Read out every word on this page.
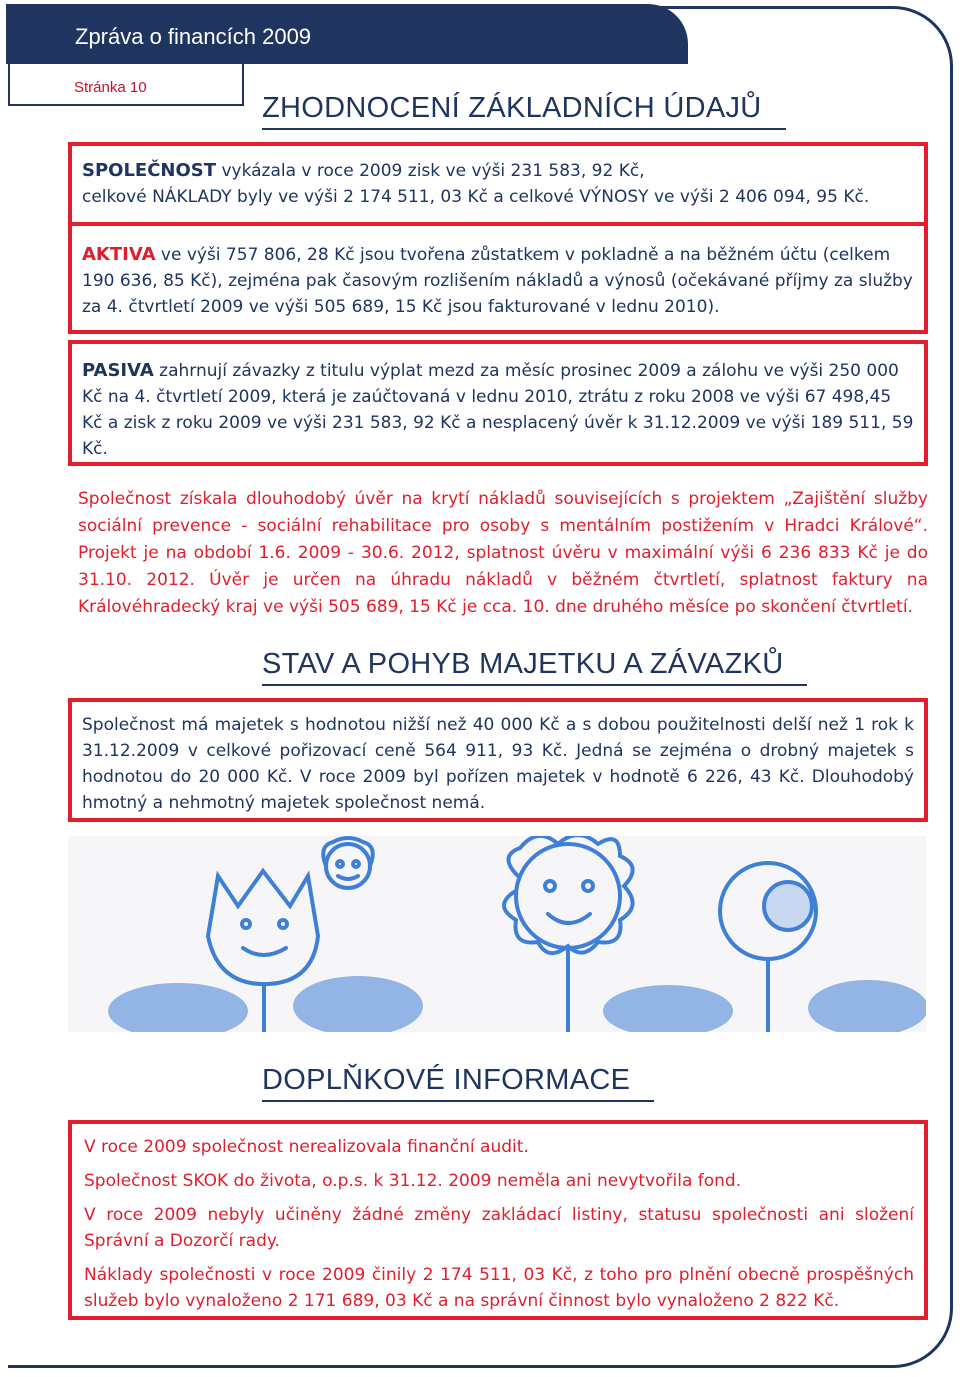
Zpráva o financích 2009
Stránka 10
ZHODNOCENÍ ZÁKLADNÍCH ÚDAJŮ

SPOLEČNOST vykázala v roce 2009 zisk ve výši 231 583, 92 Kč,

celkové NÁKLADY byly ve výši 2 174 511, 03 Kč a celkové VÝNOSY ve výši 2 406 094, 95 Kč.

AKTIVA ve výši 757 806, 28 Kč jsou tvořena zůstatkem v pokladně a na běžném účtu (celkem 190 636, 85 Kč), zejména pak časovým rozlišením nákladů a výnosů (očekávané příjmy za služby za 4. čtvrtletí 2009 ve výši 505 689, 15 Kč jsou fakturované v lednu 2010).

PASIVA zahrnují závazky z titulu výplat mezd za měsíc prosinec 2009 a zálohu ve výši 250 000 Kč na 4. čtvrtletí 2009, která je zaúčtovaná v lednu 2010, ztrátu z roku 2008 ve výši 67 498,45 Kč a zisk z roku 2009 ve výši 231 583, 92 Kč a nesplacený úvěr k 31.12.2009 ve výši 189 511, 59 Kč.

Společnost získala dlouhodobý úvěr na krytí nákladů souvisejících s projektem „Zajištění služby sociální prevence - sociální rehabilitace pro osoby s mentálním postižením v Hradci Králové“. Projekt je na období 1.6. 2009 - 30.6. 2012, splatnost úvěru v maximální výši 6 236 833 Kč je do 31.10. 2012. Úvěr je určen na úhradu nákladů v běžném čtvrtletí, splatnost faktury na Královéhradecký kraj ve výši 505 689, 15 Kč je cca. 10. dne druhého měsíce po skončení čtvrtletí.
STAV A POHYB MAJETKU A ZÁVAZKŮ

Společnost má majetek s hodnotou nižší než 40 000 Kč a s dobou použitelnosti delší než 1 rok k 31.12.2009 v celkové pořizovací ceně 564 911, 93 Kč. Jedná se zejména o drobný majetek s hodnotou do 20 000 Kč. V roce 2009 byl pořízen majetek v hodnotě 6 226, 43 Kč. Dlouhodobý hmotný a nehmotný majetek společnost nemá.

DOPLŇKOVÉ INFORMACE

V roce 2009 společnost nerealizovala finanční audit.

Společnost SKOK do života, o.p.s. k 31.12. 2009 neměla ani nevytvořila fond.

V roce 2009 nebyly učiněny žádné změny zakládací listiny, statusu společnosti ani složení Správní a Dozorčí rady.

Náklady společnosti v roce 2009 činily 2 174 511, 03 Kč, z toho pro plnění obecně prospěšných služeb bylo vynaloženo 2 171 689, 03 Kč a na správní činnost bylo vynaloženo 2 822 Kč.
